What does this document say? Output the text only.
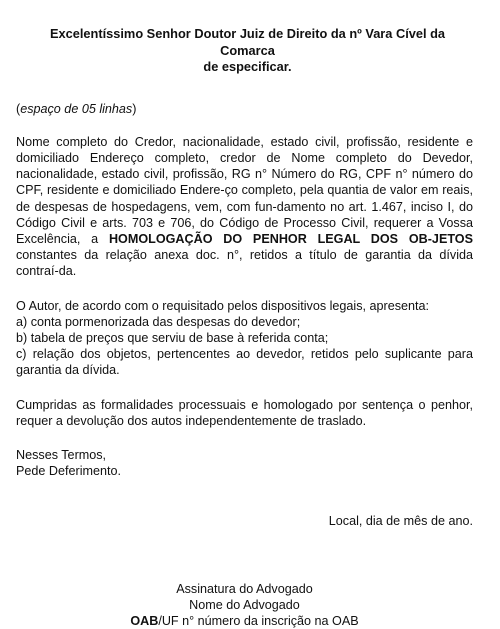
Excelentíssimo Senhor Doutor Juiz de Direito da nº Vara Cível da Comarca
de especificar.

(espaço de 05 linhas)

Nome completo do Credor, nacionalidade, estado civil, profissão, residente e domiciliado Endereço completo, credor de Nome completo do Devedor, nacionalidade, estado civil, profissão, RG n° Número do RG, CPF n° número do CPF, residente e domiciliado Endere-ço completo, pela quantia de valor em reais, de despesas de hospedagens, vem, com fun-damento no art. 1.467, inciso I, do Código Civil e arts. 703 e 706, do Código de Processo Civil, requerer a Vossa Excelência, a HOMOLOGAÇÃO DO PENHOR LEGAL DOS OB-JETOS constantes da relação anexa doc. n°, retidos a título de garantia da dívida contraí-da.

O Autor, de acordo com o requisitado pelos dispositivos legais, apresenta:

a) conta pormenorizada das despesas do devedor;

b) tabela de preços que serviu de base à referida conta;

c) relação dos objetos, pertencentes ao devedor, retidos pelo suplicante para garantia da dívida.

Cumpridas as formalidades processuais e homologado por sentença o penhor, requer a devolução dos autos independentemente de traslado.

Nesses Termos,

Pede Deferimento.

Local, dia de mês de ano.

Assinatura do Advogado
Nome do Advogado
OAB/UF n° número da inscrição na OAB
